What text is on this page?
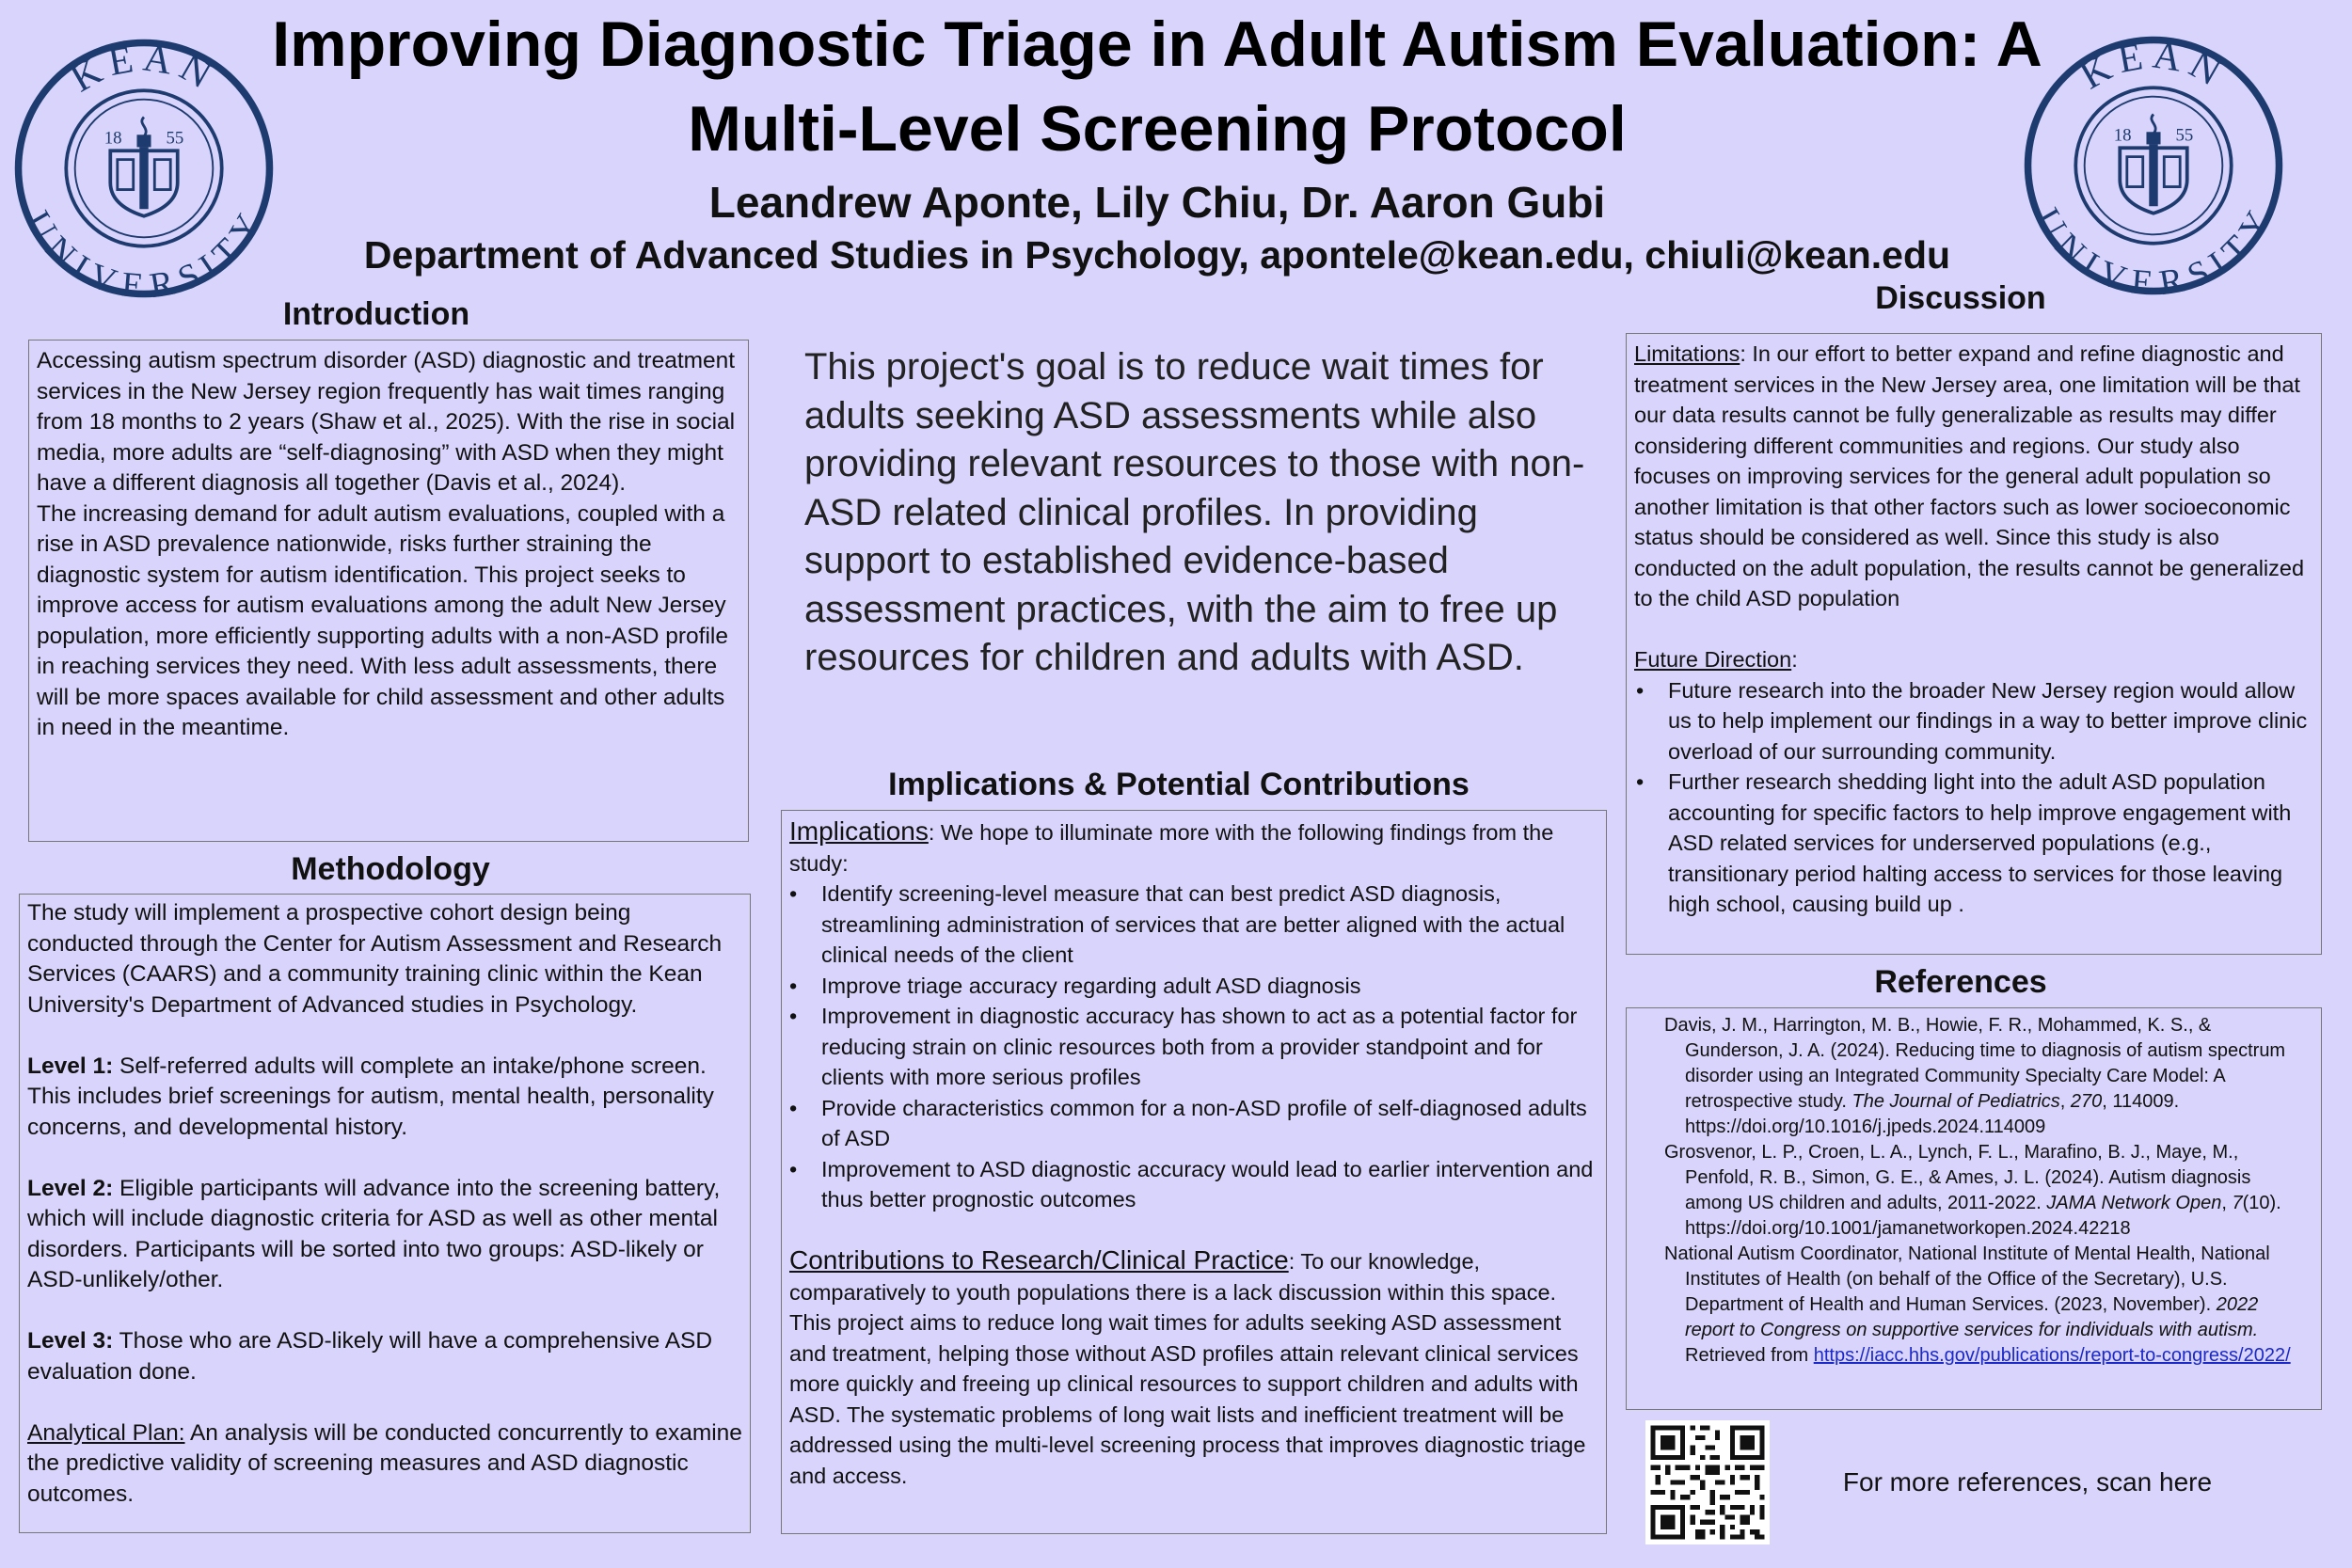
Improving Diagnostic Triage in Adult Autism Evaluation: A
Multi-Level Screening Protocol
Leandrew Aponte, Lily Chiu, Dr. Aaron Gubi
Department of Advanced Studies in Psychology, apontele@kean.edu, chiuli@kean.edu
KEAN
UNIVERSITY
18 55
KEAN
UNIVERSITY
18 55
Introduction

Accessing autism spectrum disorder (ASD) diagnostic and treatment services in the New Jersey region frequently has wait times ranging from 18 months to 2 years (Shaw et al., 2025). With the rise in social media, more adults are “self-diagnosing” with ASD when they might have a different diagnosis all together (Davis et al., 2024).
The increasing demand for adult autism evaluations, coupled with a rise in ASD prevalence nationwide, risks further straining the diagnostic system for autism identification. This project seeks to improve access for autism evaluations among the adult New Jersey population, more efficiently supporting adults with a non-ASD profile in reaching services they need. With less adult assessments, there will be more spaces available for child assessment and other adults in need in the meantime.

Methodology

The study will implement a prospective cohort design being conducted through the Center for Autism Assessment and Research Services (CAARS) and a community training clinic within the Kean University's Department of Advanced studies in Psychology.

Level 1: Self-referred adults will complete an intake/phone screen. This includes brief screenings for autism, mental health, personality concerns, and developmental history.

Level 2: Eligible participants will advance into the screening battery, which will include diagnostic criteria for ASD as well as other mental disorders. Participants will be sorted into two groups: ASD-likely or ASD-unlikely/other.

Level 3: Those who are ASD-likely will have a comprehensive ASD evaluation done.

Analytical Plan: An analysis will be conducted concurrently to examine the predictive validity of screening measures and ASD diagnostic outcomes.

This project's goal is to reduce wait times for adults seeking ASD assessments while also providing relevant resources to those with non-ASD related clinical profiles. In providing support to established evidence-based assessment practices, with the aim to free up resources for children and adults with ASD.
Implications & Potential Contributions

Implications: We hope to illuminate more with the following findings from the study:

• Identify screening-level measure that can best predict ASD diagnosis, streamlining administration of services that are better aligned with the actual clinical needs of the client
• Improve triage accuracy regarding adult ASD diagnosis
• Improvement in diagnostic accuracy has shown to act as a potential factor for reducing strain on clinic resources both from a provider standpoint and for clients with more serious profiles
• Provide characteristics common for a non-ASD profile of self-diagnosed adults of ASD
• Improvement to ASD diagnostic accuracy would lead to earlier intervention and thus better prognostic outcomes

Contributions to Research/Clinical Practice: To our knowledge, comparatively to youth populations there is a lack discussion within this space. This project aims to reduce long wait times for adults seeking ASD assessment and treatment, helping those without ASD profiles attain relevant clinical services more quickly and freeing up clinical resources to support children and adults with ASD. The systematic problems of long wait lists and inefficient treatment will be addressed using the multi-level screening process that improves diagnostic triage and access.

Discussion

Limitations: In our effort to better expand and refine diagnostic and treatment services in the New Jersey area, one limitation will be that our data results cannot be fully generalizable as results may differ considering different communities and regions. Our study also focuses on improving services for the general adult population so another limitation is that other factors such as lower socioeconomic status should be considered as well. Since this study is also conducted on the adult population, the results cannot be generalized to the child ASD population

Future Direction:

• Future research into the broader New Jersey region would allow us to help implement our findings in a way to better improve clinic overload of our surrounding community.
• Further research shedding light into the adult ASD population accounting for specific factors to help improve engagement with ASD related services for underserved populations (e.g., transitionary period halting access to services for those leaving high school, causing build up .
References

Davis, J. M., Harrington, M. B., Howie, F. R., Mohammed, K. S., & Gunderson, J. A. (2024). Reducing time to diagnosis of autism spectrum disorder using an Integrated Community Specialty Care Model: A retrospective study. The Journal of Pediatrics, 270, 114009. https://doi.org/10.1016/j.jpeds.2024.114009

Grosvenor, L. P., Croen, L. A., Lynch, F. L., Marafino, B. J., Maye, M., Penfold, R. B., Simon, G. E., & Ames, J. L. (2024). Autism diagnosis among US children and adults, 2011-2022. JAMA Network Open, 7(10). https://doi.org/10.1001/jamanetworkopen.2024.42218

National Autism Coordinator, National Institute of Mental Health, National Institutes of Health (on behalf of the Office of the Secretary), U.S. Department of Health and Human Services. (2023, November). 2022 report to Congress on supportive services for individuals with autism. Retrieved from https://iacc.hhs.gov/publications/report-to-congress/2022/

For more references, scan here
